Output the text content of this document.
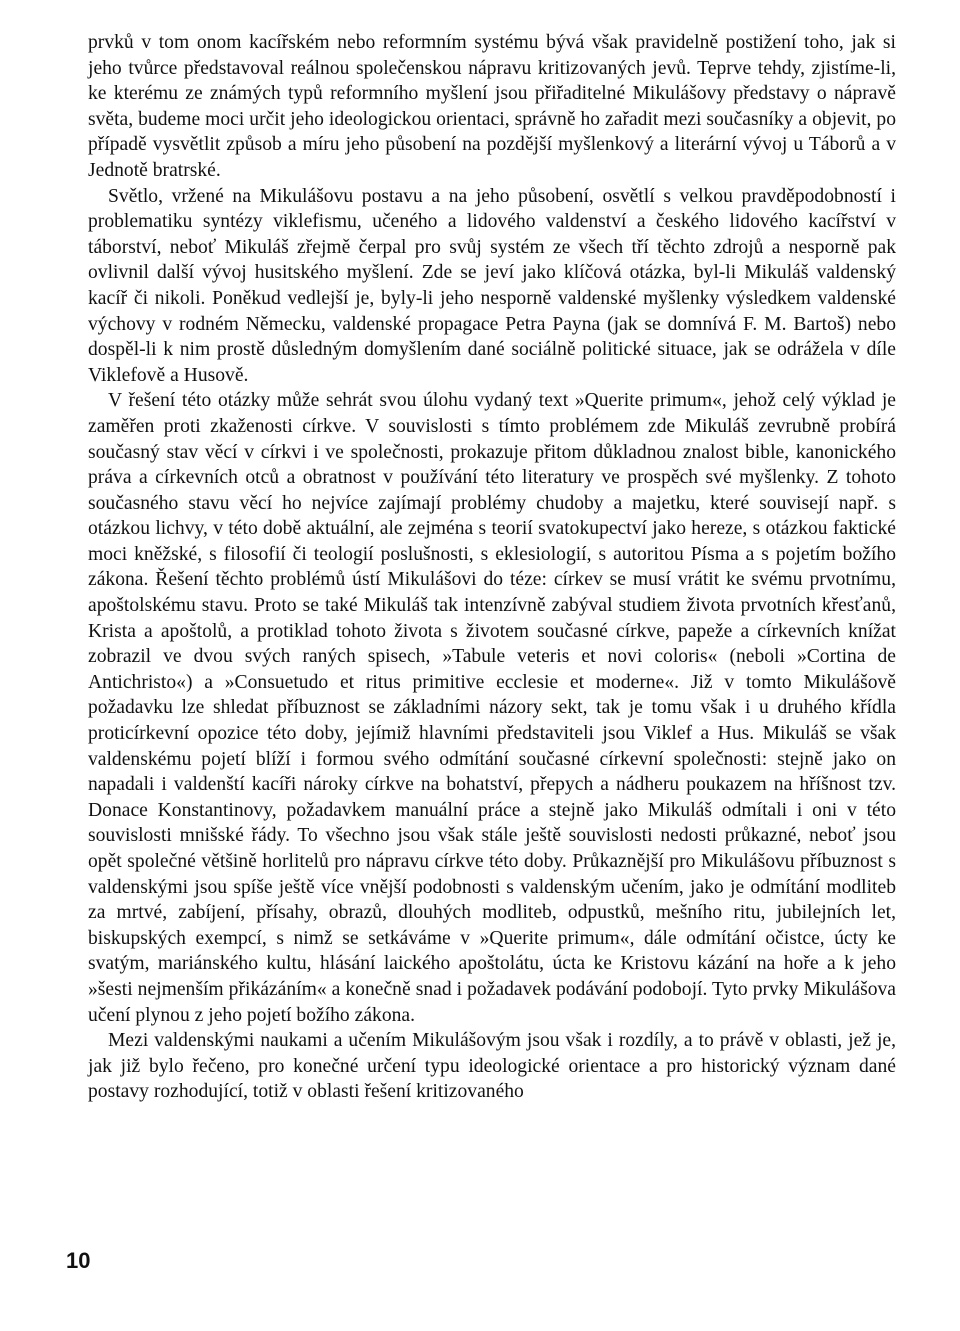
prvků v tom onom kacířském nebo reformním systému bývá však pravidelně postižení toho, jak si jeho tvůrce představoval reálnou společenskou nápravu kritizovaných jevů. Teprve tehdy, zjistíme-li, ke kterému ze známých typů reformního myšlení jsou přiřaditelné Mikulášovy představy o nápravě světa, budeme moci určit jeho ideologickou orientaci, správně ho zařadit mezi současníky a objevit, po případě vysvětlit způsob a míru jeho působení na pozdější myšlenkový a literární vývoj u Táborů a v Jednotě bratrské.

Světlo, vržené na Mikulášovu postavu a na jeho působení, osvětlí s velkou pravděpodobností i problematiku syntézy viklefismu, učeného a lidového valdenství a českého lidového kacířství v táborství, neboť Mikuláš zřejmě čerpal pro svůj systém ze všech tří těchto zdrojů a nesporně pak ovlivnil další vývoj husitského myšlení. Zde se jeví jako klíčová otázka, byl-li Mikuláš valdenský kacíř či nikoli. Poněkud vedlejší je, byly-li jeho nesporně valdenské myšlenky výsledkem valdenské výchovy v rodném Německu, valdenské propagace Petra Payna (jak se domnívá F. M. Bartoš) nebo dospěl-li k nim prostě důsledným domyšlením dané sociálně politické situace, jak se odrážela v díle Viklefově a Husově.

V řešení této otázky může sehrát svou úlohu vydaný text »Querite primum«, jehož celý výklad je zaměřen proti zkaženosti církve. V souvislosti s tímto problémem zde Mikuláš zevrubně probírá současný stav věcí v církvi i ve společnosti, prokazuje přitom důkladnou znalost bible, kanonického práva a církevních otců a obratnost v používání této literatury ve prospěch své myšlenky. Z tohoto současného stavu věcí ho nejvíce zajímají problémy chudoby a majetku, které souvisejí např. s otázkou lichvy, v této době aktuální, ale zejména s teorií svatokupectví jako hereze, s otázkou faktické moci kněžské, s filosofií či teologií poslušnosti, s eklesiologií, s autoritou Písma a s pojetím božího zákona. Řešení těchto problémů ústí Mikulášovi do téze: církev se musí vrátit ke svému prvotnímu, apoštolskému stavu. Proto se také Mikuláš tak intenzívně zabýval studiem života prvotních křesťanů, Krista a apoštolů, a protiklad tohoto života s životem současné církve, papeže a církevních knížat zobrazil ve dvou svých raných spisech, »Tabule veteris et novi coloris« (neboli »Cortina de Antichristo«) a »Consuetudo et ritus primitive ecclesie et moderne«. Již v tomto Mikulášově požadavku lze shledat příbuznost se základními názory sekt, tak je tomu však i u druhého křídla proticírkevní opozice této doby, jejímiž hlavními představiteli jsou Viklef a Hus. Mikuláš se však valdenskému pojetí blíží i formou svého odmítání současné církevní společnosti: stejně jako on napadali i valdenští kacíři nároky církve na bohatství, přepych a nádheru poukazem na hříšnost tzv. Donace Konstantinovy, požadavkem manuální práce a stejně jako Mikuláš odmítali i oni v této souvislosti mnišské řády. To všechno jsou však stále ještě souvislosti nedosti průkazné, neboť jsou opět společné většině horlitelů pro nápravu církve této doby. Průkaznější pro Mikulášovu příbuznost s valdenskými jsou spíše ještě více vnější podobnosti s valdenským učením, jako je odmítání modliteb za mrtvé, zabíjení, přísahy, obrazů, dlouhých modliteb, odpustků, mešního ritu, jubilejních let, biskupských exempcí, s nimž se setkáváme v »Querite primum«, dále odmítání očistce, úcty ke svatým, mariánského kultu, hlásání laického apoštolátu, úcta ke Kristovu kázání na hoře a k jeho »šesti nejmenším přikázáním« a konečně snad i požadavek podávání podobojí. Tyto prvky Mikulášova učení plynou z jeho pojetí božího zákona.

Mezi valdenskými naukami a učením Mikulášovým jsou však i rozdíly, a to právě v oblasti, jež je, jak již bylo řečeno, pro konečné určení typu ideologické orientace a pro historický význam dané postavy rozhodující, totiž v oblasti řešení kritizovaného

10
